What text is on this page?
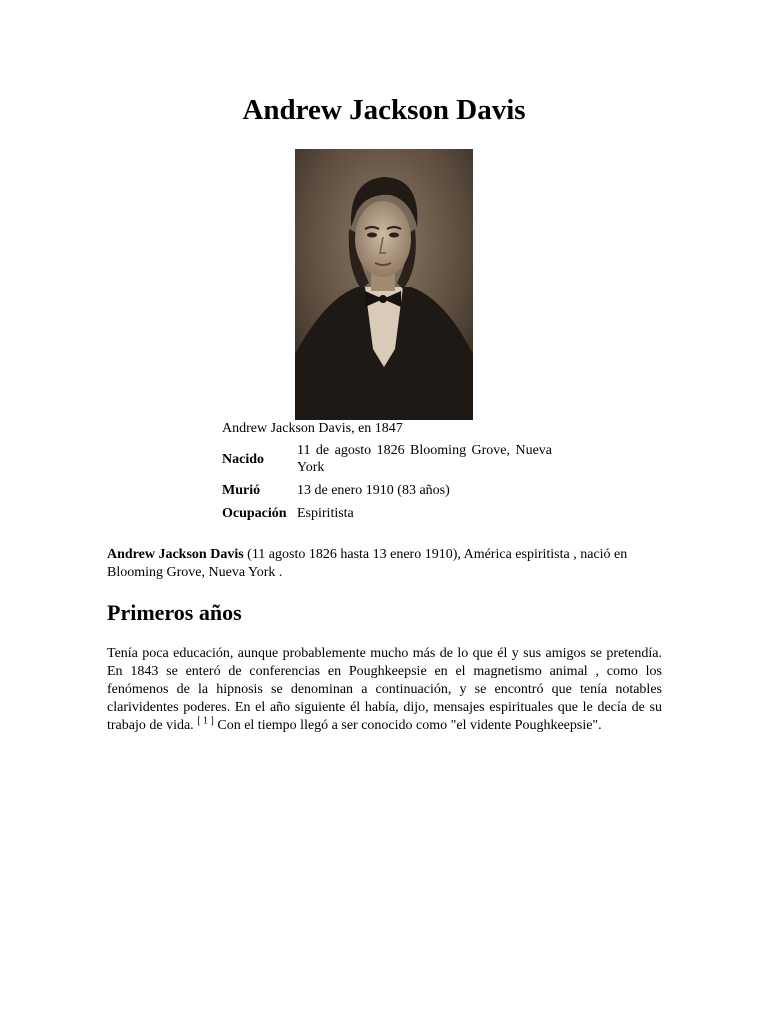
Andrew Jackson Davis
Andrew Jackson Davis, en 1847
Nacido
11 de agosto 1826 Blooming Grove, Nueva York
Murió	13 de enero 1910 (83 años)
Ocupación Espiritista

Andrew Jackson Davis (11 agosto 1826 hasta 13 enero 1910), América espiritista , nació en Blooming Grove, Nueva York .

Primeros años

Tenía poca educación, aunque probablemente mucho más de lo que él y sus amigos se pretendía. En 1843 se enteró de conferencias en Poughkeepsie en el magnetismo animal , como los fenómenos de la hipnosis se denominan a continuación, y se encontró que tenía notables clarividentes poderes. En el año siguiente él había, dijo, mensajes espirituales que le decía de su trabajo de vida. [ 1 ] Con el tiempo llegó a ser conocido como "el vidente Poughkeepsie".
